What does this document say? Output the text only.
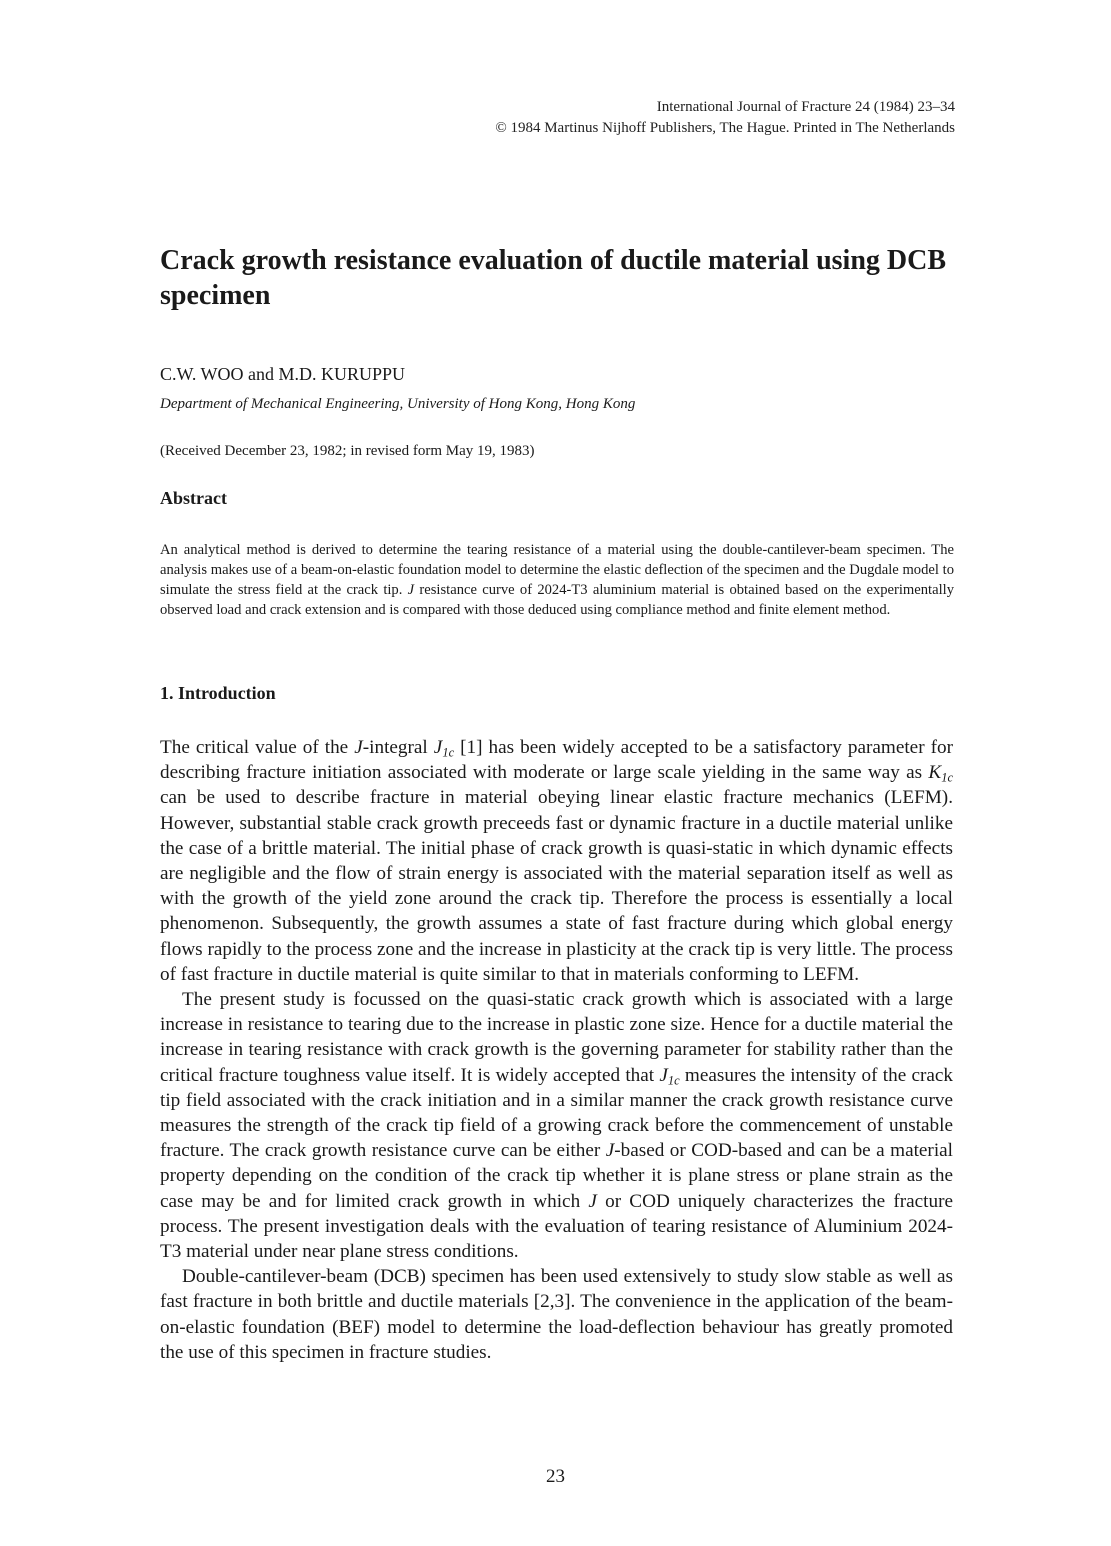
International Journal of Fracture 24 (1984) 23–34
© 1984 Martinus Nijhoff Publishers, The Hague. Printed in The Netherlands
Crack growth resistance evaluation of ductile material using DCB specimen
C.W. WOO and M.D. KURUPPU
Department of Mechanical Engineering, University of Hong Kong, Hong Kong
(Received December 23, 1982; in revised form May 19, 1983)
Abstract

An analytical method is derived to determine the tearing resistance of a material using the double-cantilever-beam specimen. The analysis makes use of a beam-on-elastic foundation model to determine the elastic deflection of the specimen and the Dugdale model to simulate the stress field at the crack tip. J resistance curve of 2024-T3 aluminium material is obtained based on the experimentally observed load and crack extension and is compared with those deduced using compliance method and finite element method.

1. Introduction

The critical value of the J-integral $J_{1c}$ [1] has been widely accepted to be a satisfactory parameter for describing fracture initiation associated with moderate or large scale yielding in the same way as $K_{1c}$ can be used to describe fracture in material obeying linear elastic fracture mechanics (LEFM). However, substantial stable crack growth preceeds fast or dynamic fracture in a ductile material unlike the case of a brittle material. The initial phase of crack growth is quasi-static in which dynamic effects are negligible and the flow of strain energy is associated with the material separation itself as well as with the growth of the yield zone around the crack tip. Therefore the process is essentially a local phenomenon. Subsequently, the growth assumes a state of fast fracture during which global energy flows rapidly to the process zone and the increase in plasticity at the crack tip is very little. The process of fast fracture in ductile material is quite similar to that in materials conforming to LEFM.

The present study is focussed on the quasi-static crack growth which is associated with a large increase in resistance to tearing due to the increase in plastic zone size. Hence for a ductile material the increase in tearing resistance with crack growth is the governing parameter for stability rather than the critical fracture toughness value itself. It is widely accepted that $J_{1c}$ measures the intensity of the crack tip field associated with the crack initiation and in a similar manner the crack growth resistance curve measures the strength of the crack tip field of a growing crack before the commencement of unstable fracture. The crack growth resistance curve can be either J-based or COD-based and can be a material property depending on the condition of the crack tip whether it is plane stress or plane strain as the case may be and for limited crack growth in which J or COD uniquely characterizes the fracture process. The present investigation deals with the evaluation of tearing resistance of Aluminium 2024-T3 material under near plane stress conditions.

Double-cantilever-beam (DCB) specimen has been used extensively to study slow stable as well as fast fracture in both brittle and ductile materials [2,3]. The convenience in the application of the beam-on-elastic foundation (BEF) model to determine the load-deflection behaviour has greatly promoted the use of this specimen in fracture studies.

23
